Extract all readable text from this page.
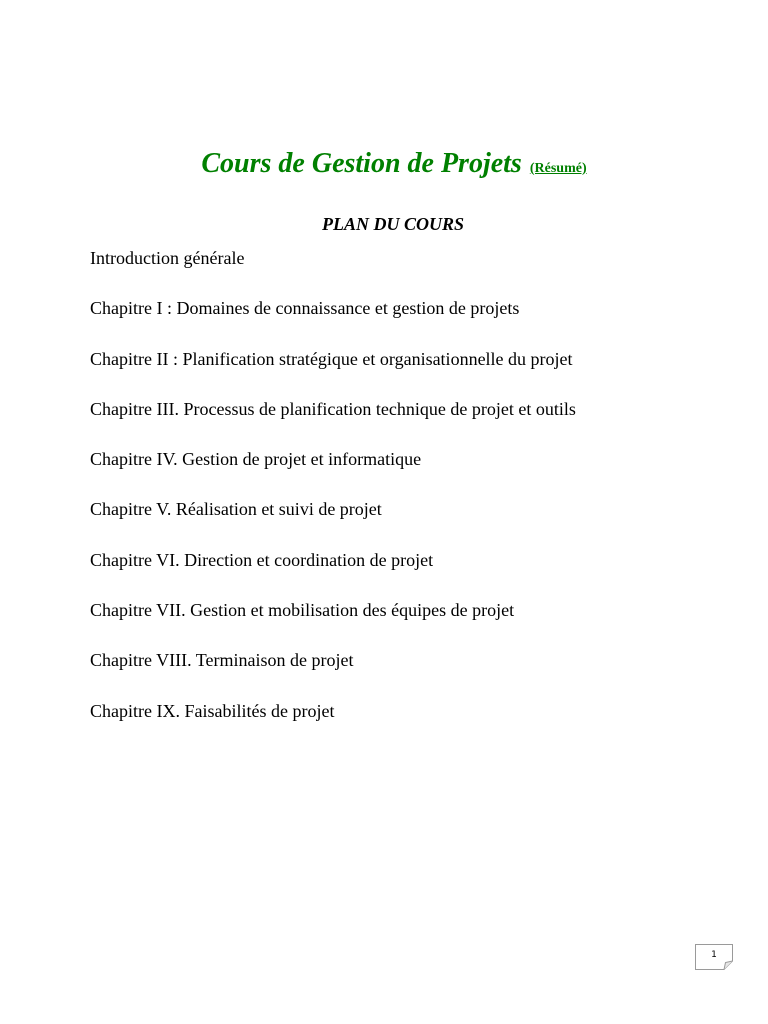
Cours de Gestion de Projets (Résumé)
PLAN DU COURS
Introduction générale
Chapitre I : Domaines de connaissance et gestion de projets
Chapitre II : Planification stratégique et organisationnelle du projet
Chapitre III. Processus de planification technique de projet et outils
Chapitre IV. Gestion de projet et informatique
Chapitre V. Réalisation et suivi de projet
Chapitre VI. Direction et coordination de projet
Chapitre VII. Gestion et mobilisation des équipes de projet
Chapitre VIII. Terminaison de projet
Chapitre IX. Faisabilités de projet
1
